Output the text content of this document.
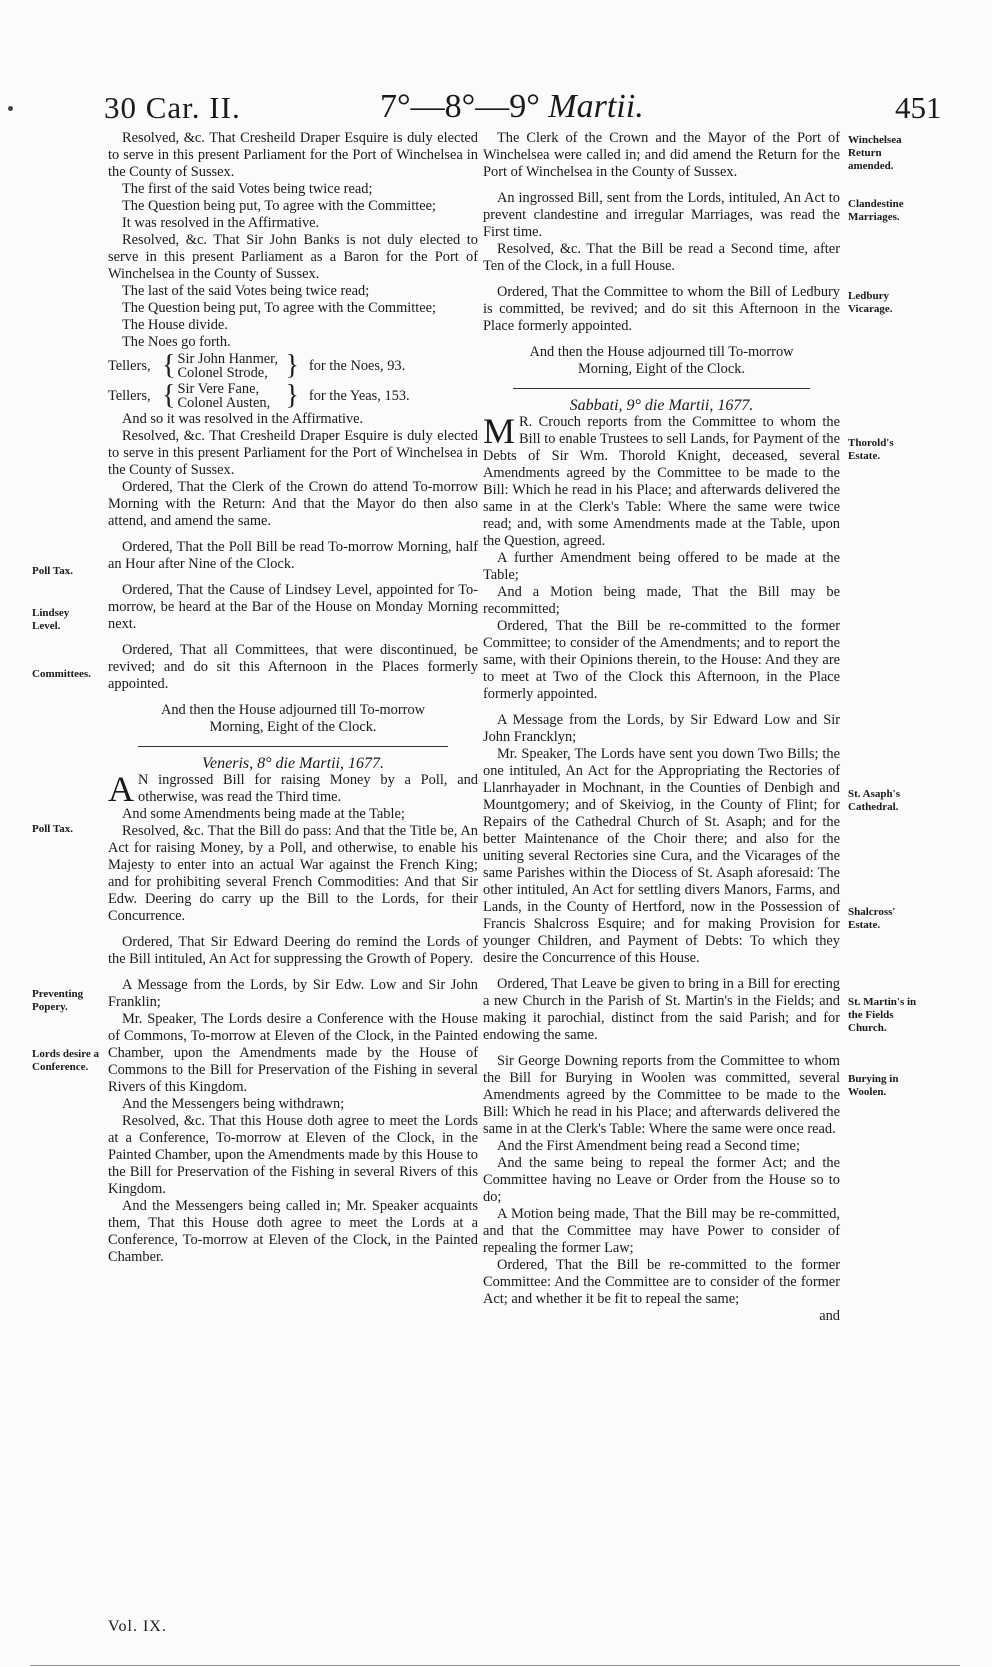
30 Car. II.	7°—8°—9° Martii.	451
Poll Tax.
Lindsey Level.
Committees.
Poll Tax.
Preventing Popery.
Lords desire a Conference.
Winchelsea Return amended.
Clandestine Marriages.
Ledbury Vicarage.
Thorold's Estate.
St. Asaph's Cathedral.
Shalcross' Estate.
St. Martin's in the Fields Church.
Burying in Woolen.

Resolved, &c. That Cresheild Draper Esquire is duly elected to serve in this present Parliament for the Port of Winchelsea in the County of Sussex.

The first of the said Votes being twice read;

The Question being put, To agree with the Committee;

It was resolved in the Affirmative.

Resolved, &c. That Sir John Banks is not duly elected to serve in this present Parliament as a Baron for the Port of Winchelsea in the County of Sussex.

The last of the said Votes being twice read;

The Question being put, To agree with the Committee;

The House divide.

The Noes go forth.

Tellers, { Sir John Hanmer,
Colonel Strode, } for the Noes, 93.
Tellers, { Sir Vere Fane,
Colonel Austen, } for the Yeas, 153.

And so it was resolved in the Affirmative.

Resolved, &c. That Cresheild Draper Esquire is duly elected to serve in this present Parliament for the Port of Winchelsea in the County of Sussex.

Ordered, That the Clerk of the Crown do attend To-morrow Morning with the Return: And that the Mayor do then also attend, and amend the same.

Ordered, That the Poll Bill be read To-morrow Morning, half an Hour after Nine of the Clock.

Ordered, That the Cause of Lindsey Level, appointed for To-morrow, be heard at the Bar of the House on Monday Morning next.

Ordered, That all Committees, that were discontinued, be revived; and do sit this Afternoon in the Places formerly appointed.

And then the House adjourned till To-morrow Morning, Eight of the Clock.

Veneris, 8° die Martii, 1677.

A N ingrossed Bill for raising Money by a Poll, and otherwise, was read the Third time.

And some Amendments being made at the Table;

Resolved, &c. That the Bill do pass: And that the Title be, An Act for raising Money, by a Poll, and otherwise, to enable his Majesty to enter into an actual War against the French King; and for prohibiting several French Commodities: And that Sir Edw. Deering do carry up the Bill to the Lords, for their Concurrence.

Ordered, That Sir Edward Deering do remind the Lords of the Bill intituled, An Act for suppressing the Growth of Popery.

A Message from the Lords, by Sir Edw. Low and Sir John Franklin;

Mr. Speaker, The Lords desire a Conference with the House of Commons, To-morrow at Eleven of the Clock, in the Painted Chamber, upon the Amendments made by the House of Commons to the Bill for Preservation of the Fishing in several Rivers of this Kingdom.

And the Messengers being withdrawn;

Resolved, &c. That this House doth agree to meet the Lords at a Conference, To-morrow at Eleven of the Clock, in the Painted Chamber, upon the Amendments made by this House to the Bill for Preservation of the Fishing in several Rivers of this Kingdom.

And the Messengers being called in; Mr. Speaker acquaints them, That this House doth agree to meet the Lords at a Conference, To-morrow at Eleven of the Clock, in the Painted Chamber.

The Clerk of the Crown and the Mayor of the Port of Winchelsea were called in; and did amend the Return for the Port of Winchelsea in the County of Sussex.

An ingrossed Bill, sent from the Lords, intituled, An Act to prevent clandestine and irregular Marriages, was read the First time.

Resolved, &c. That the Bill be read a Second time, after Ten of the Clock, in a full House.

Ordered, That the Committee to whom the Bill of Ledbury is committed, be revived; and do sit this Afternoon in the Place formerly appointed.

And then the House adjourned till To-morrow Morning, Eight of the Clock.

Sabbati, 9° die Martii, 1677.

M R. Crouch reports from the Committee to whom the Bill to enable Trustees to sell Lands, for Payment of the Debts of Sir Wm. Thorold Knight, deceased, several Amendments agreed by the Committee to be made to the Bill: Which he read in his Place; and afterwards delivered the same in at the Clerk's Table: Where the same were twice read; and, with some Amendments made at the Table, upon the Question, agreed.

A further Amendment being offered to be made at the Table;

And a Motion being made, That the Bill may be recommitted;

Ordered, That the Bill be re-committed to the former Committee; to consider of the Amendments; and to report the same, with their Opinions therein, to the House: And they are to meet at Two of the Clock this Afternoon, in the Place formerly appointed.

A Message from the Lords, by Sir Edward Low and Sir John Francklyn;

Mr. Speaker, The Lords have sent you down Two Bills; the one intituled, An Act for the Appropriating the Rectories of Llanrhayader in Mochnant, in the Counties of Denbigh and Mountgomery; and of Skeiviog, in the County of Flint; for Repairs of the Cathedral Church of St. Asaph; and for the better Maintenance of the Choir there; and also for the uniting several Rectories sine Cura, and the Vicarages of the same Parishes within the Diocess of St. Asaph aforesaid: The other intituled, An Act for settling divers Manors, Farms, and Lands, in the County of Hertford, now in the Possession of Francis Shalcross Esquire; and for making Provision for younger Children, and Payment of Debts: To which they desire the Concurrence of this House.

Ordered, That Leave be given to bring in a Bill for erecting a new Church in the Parish of St. Martin's in the Fields; and making it parochial, distinct from the said Parish; and for endowing the same.

Sir George Downing reports from the Committee to whom the Bill for Burying in Woolen was committed, several Amendments agreed by the Committee to be made to the Bill: Which he read in his Place; and afterwards delivered the same in at the Clerk's Table: Where the same were once read.

And the First Amendment being read a Second time;

And the same being to repeal the former Act; and the Committee having no Leave or Order from the House so to do;

A Motion being made, That the Bill may be re-committed, and that the Committee may have Power to consider of repealing the former Law;

Ordered, That the Bill be re-committed to the former Committee: And the Committee are to consider of the former Act; and whether it be fit to repeal the same;

and

Vol. IX.
